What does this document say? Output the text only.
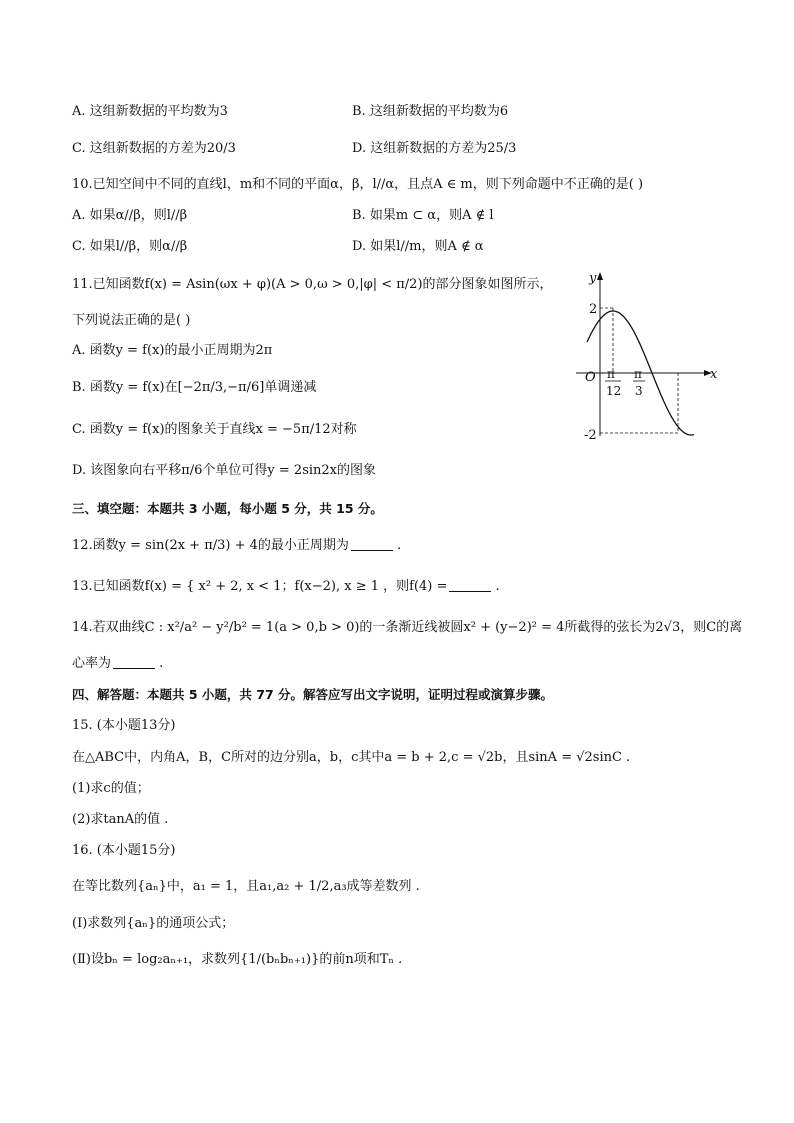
A. 这组新数据的平均数为3	B. 这组新数据的平均数为6
C. 这组新数据的方差为20/3	D. 这组新数据的方差为25/3
10.已知空间中不同的直线l，m和不同的平面α，β，l//α，且点A ∈ m，则下列命题中不正确的是( )
A. 如果α//β，则l//β	B. 如果m ⊂ α，则A ∉ l
C. 如果l//β，则α//β	D. 如果l//m，则A ∉ α
11.已知函数f(x) = Asin(ωx + φ)(A > 0,ω > 0,|φ| < π/2)的部分图象如图所示，
下列说法正确的是( )
A. 函数y = f(x)的最小正周期为2π
B. 函数y = f(x)在[−2π/3,−π/6]单调递减
C. 函数y = f(x)的图象关于直线x = −5π/12对称
D. 该图象向右平移π/6个单位可得y = 2sin2x的图象
y
x
O
2
-2
π
12
π
3
三、填空题：本题共 3 小题，每小题 5 分，共 15 分。
12.函数y = sin(2x + π/3) + 4的最小正周期为	.
13.已知函数f(x) = { x² + 2, x < 1；f(x−2), x ≥ 1 ，则f(4) =	.
14.若双曲线C : x²/a² − y²/b² = 1(a > 0,b > 0)的一条渐近线被圆x² + (y−2)² = 4所截得的弦长为2√3，则C的离
心率为	.
四、解答题：本题共 5 小题，共 77 分。解答应写出文字说明，证明过程或演算步骤。
15. (本小题13分)
在△ABC中，内角A，B，C所对的边分别a，b，c其中a = b + 2,c = √2b，且sinA = √2sinC .
(1)求c的值；
(2)求tanA的值 .
16. (本小题15分)
在等比数列{aₙ}中，a₁ = 1，且a₁,a₂ + 1/2,a₃成等差数列 .
(Ⅰ)求数列{aₙ}的通项公式；
(Ⅱ)设bₙ = log₂aₙ₊₁，求数列{1/(bₙbₙ₊₁)}的前n项和Tₙ .
